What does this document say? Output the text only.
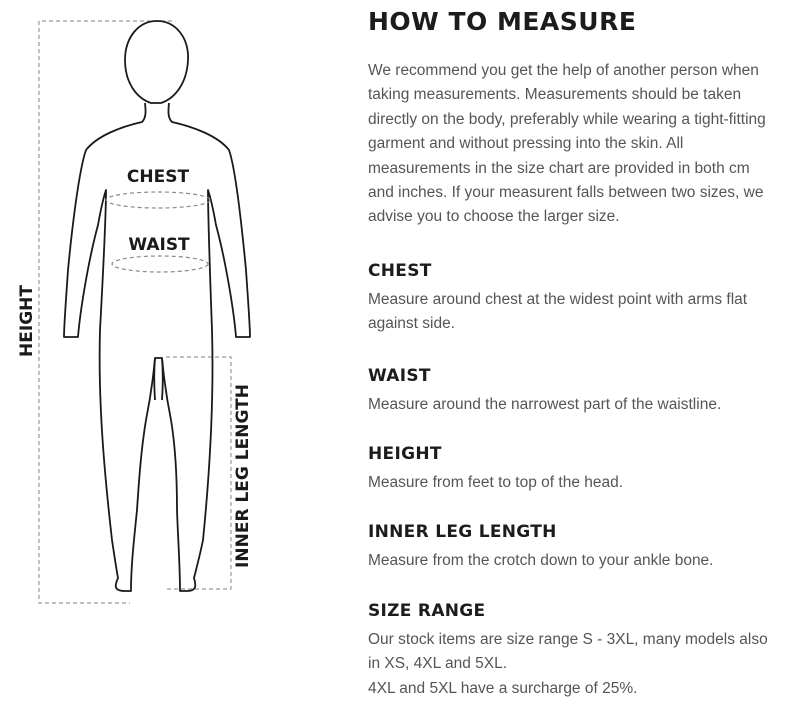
CHEST
WAIST
HEIGHT
INNER LEG LENGTH
HOW TO MEASURE

We recommend you get the help of another person when taking measurements. Measurements should be taken directly on the body, preferably while wearing a tight-fitting garment and without pressing into the skin. All measurements in the size chart are provided in both cm and inches. If your measurent falls between two sizes, we advise you to choose the larger size.

CHEST

Measure around chest at the widest point with arms flat against side.

WAIST

Measure around the narrowest part of the waistline.

HEIGHT

Measure from feet to top of the head.

INNER LEG LENGTH

Measure from the crotch down to your ankle bone.

SIZE RANGE

Our stock items are size range S - 3XL, many models also in XS, 4XL and 5XL.

4XL and 5XL have a surcharge of 25%.
